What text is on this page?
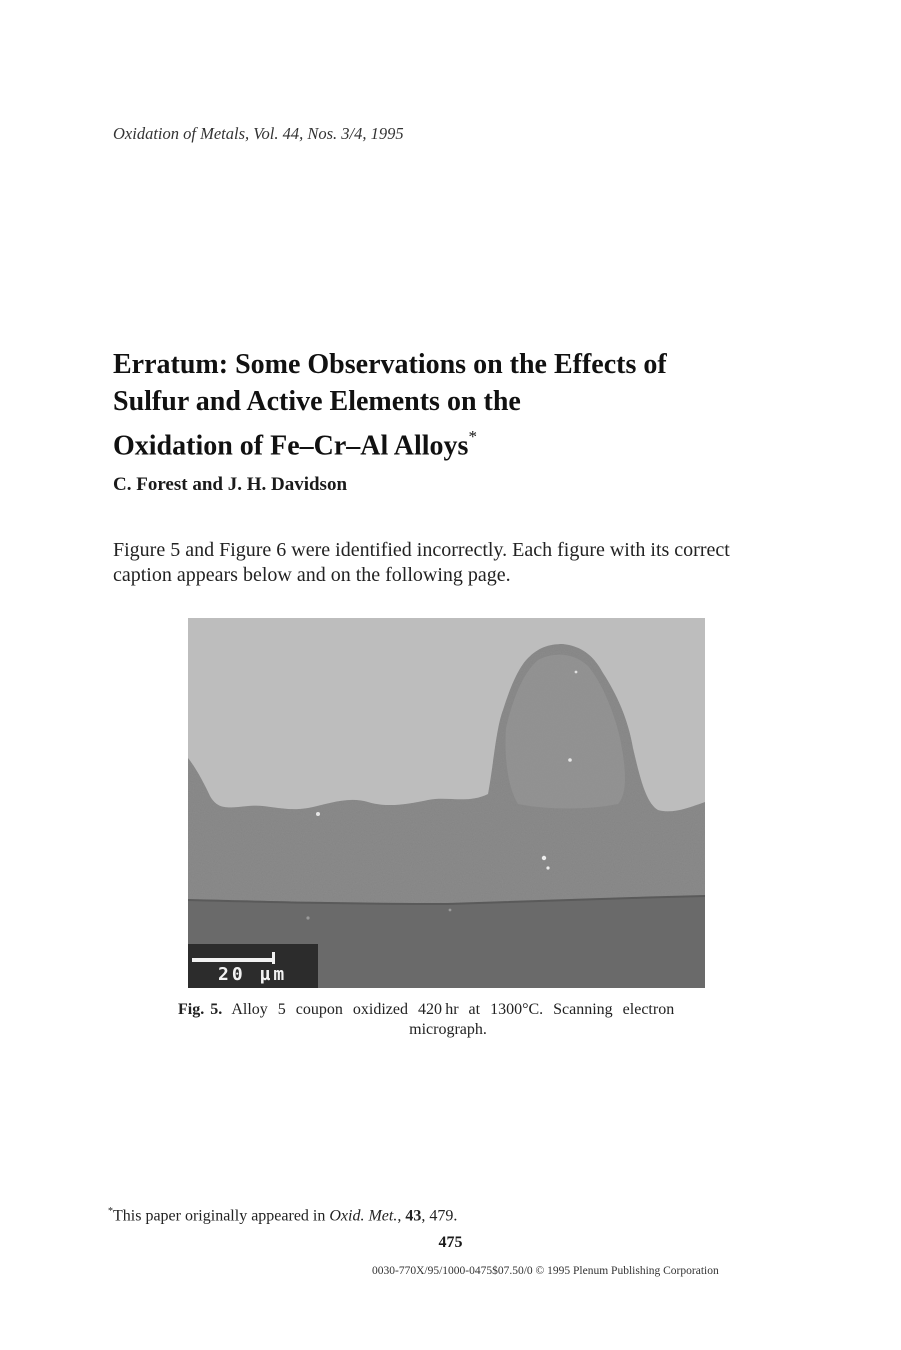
Oxidation of Metals, Vol. 44, Nos. 3/4, 1995
Erratum: Some Observations on the Effects of
Sulfur and Active Elements on the
Oxidation of Fe–Cr–Al Alloys*
C. Forest and J. H. Davidson
Figure 5 and Figure 6 were identified incorrectly. Each figure with its correct
caption appears below and on the following page.
20 µm
Fig. 5. Alloy 5 coupon oxidized 420 hr at 1300°C. Scanning electron
micrograph.
*This paper originally appeared in Oxid. Met., 43, 479.
475
0030-770X/95/1000-0475$07.50/0 © 1995 Plenum Publishing Corporation
